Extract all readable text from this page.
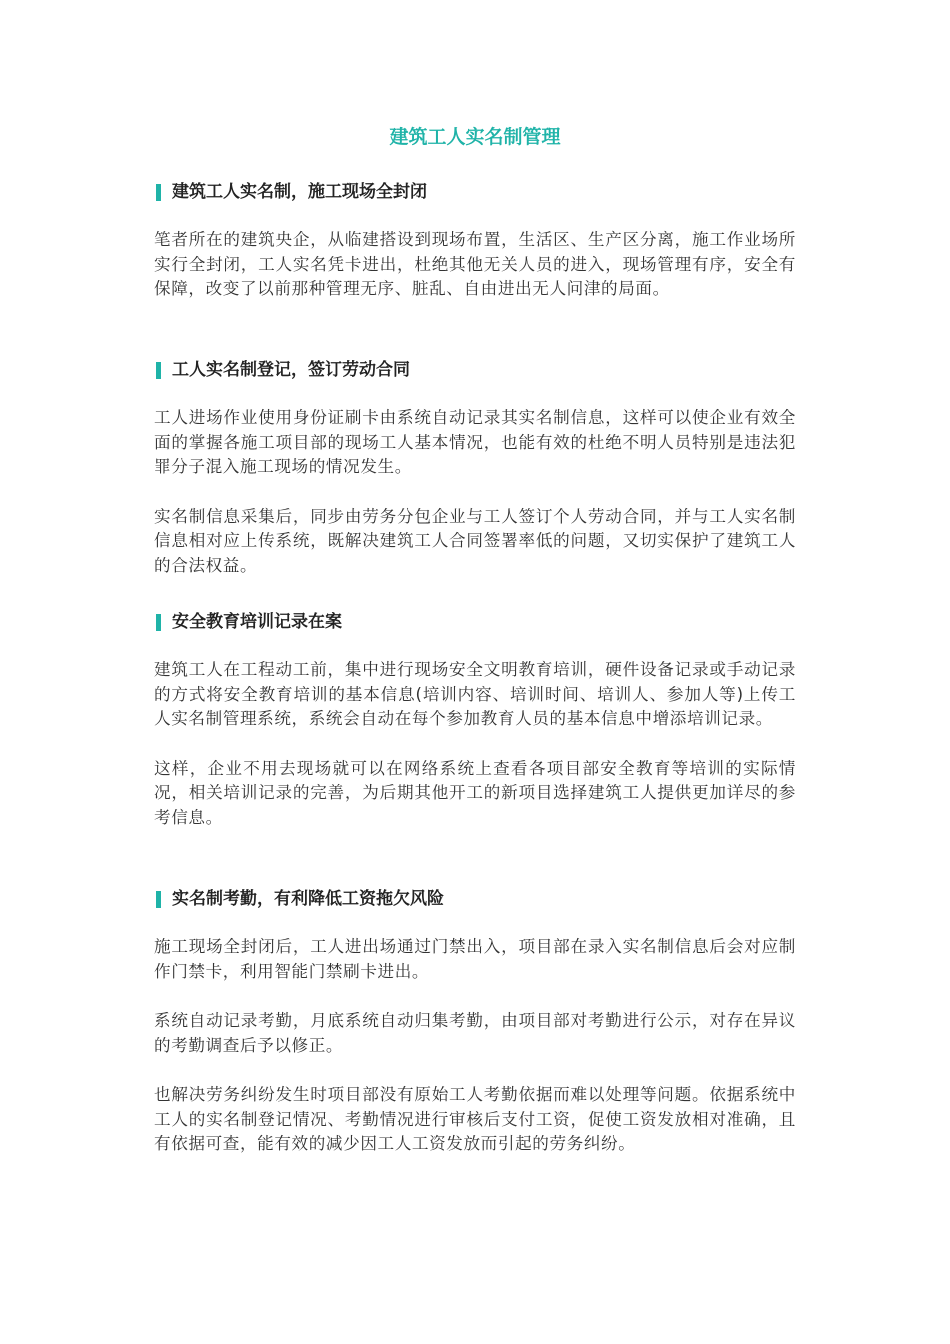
建筑工人实名制管理
建筑工人实名制，施工现场全封闭

笔者所在的建筑央企，从临建搭设到现场布置，生活区、生产区分离，施工作业场所实行全封闭，工人实名凭卡进出，杜绝其他无关人员的进入，现场管理有序，安全有保障，改变了以前那种管理无序、脏乱、自由进出无人问津的局面。

工人实名制登记，签订劳动合同

工人进场作业使用身份证刷卡由系统自动记录其实名制信息，这样可以使企业有效全面的掌握各施工项目部的现场工人基本情况，也能有效的杜绝不明人员特别是违法犯罪分子混入施工现场的情况发生。

实名制信息采集后，同步由劳务分包企业与工人签订个人劳动合同，并与工人实名制信息相对应上传系统，既解决建筑工人合同签署率低的问题，又切实保护了建筑工人的合法权益。

安全教育培训记录在案

建筑工人在工程动工前，集中进行现场安全文明教育培训，硬件设备记录或手动记录的方式将安全教育培训的基本信息(培训内容、培训时间、培训人、参加人等)上传工人实名制管理系统，系统会自动在每个参加教育人员的基本信息中增添培训记录。

这样，企业不用去现场就可以在网络系统上查看各项目部安全教育等培训的实际情况，相关培训记录的完善，为后期其他开工的新项目选择建筑工人提供更加详尽的参考信息。

实名制考勤，有利降低工资拖欠风险

施工现场全封闭后，工人进出场通过门禁出入，项目部在录入实名制信息后会对应制作门禁卡，利用智能门禁刷卡进出。

系统自动记录考勤，月底系统自动归集考勤，由项目部对考勤进行公示，对存在异议的考勤调查后予以修正。

也解决劳务纠纷发生时项目部没有原始工人考勤依据而难以处理等问题。依据系统中工人的实名制登记情况、考勤情况进行审核后支付工资，促使工资发放相对准确，且有依据可查，能有效的减少因工人工资发放而引起的劳务纠纷。
